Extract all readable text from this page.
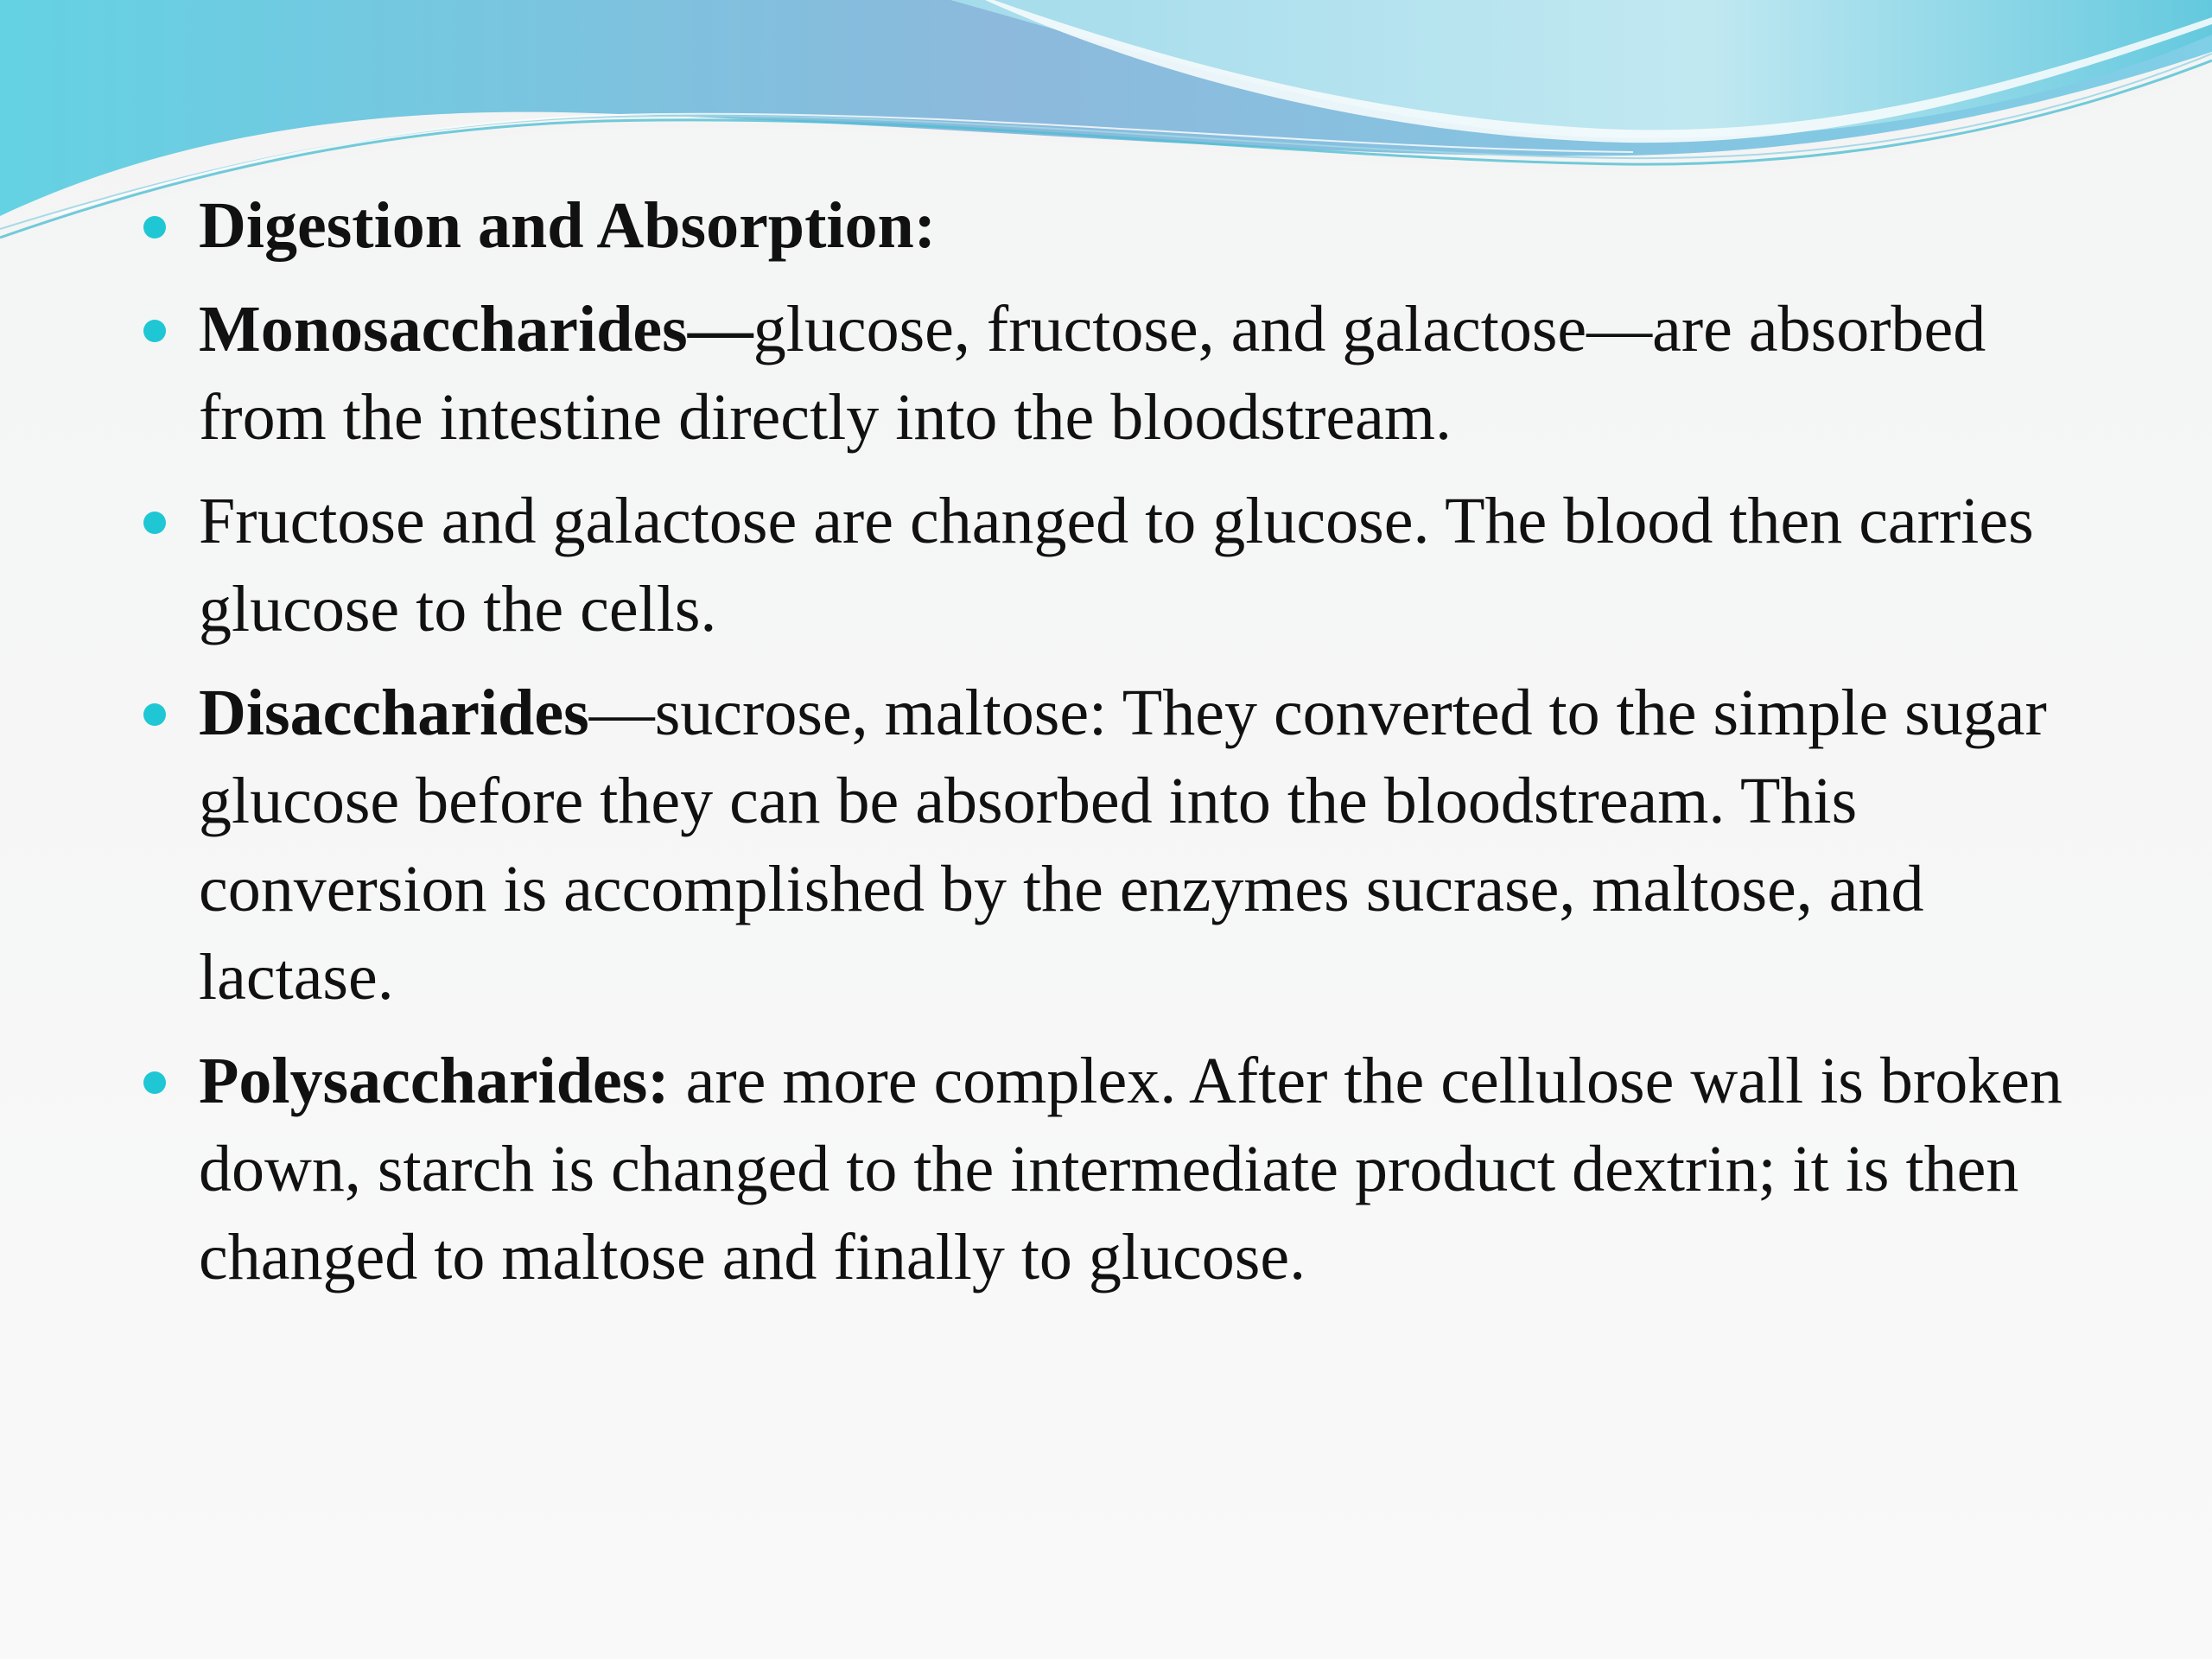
Digestion and Absorption:
Monosaccharides—glucose, fructose, and galactose—are absorbed from the intestine directly into the bloodstream.
Fructose and galactose are changed to glucose. The blood then carries glucose to the cells.
Disaccharides—sucrose, maltose: They converted to the simple sugar glucose before they can be absorbed into the bloodstream. This conversion is accomplished by the enzymes sucrase, maltose, and lactase.
Polysaccharides: are more complex. After the cellulose wall is broken down, starch is changed to the intermediate product dextrin; it is then changed to maltose and finally to glucose.
